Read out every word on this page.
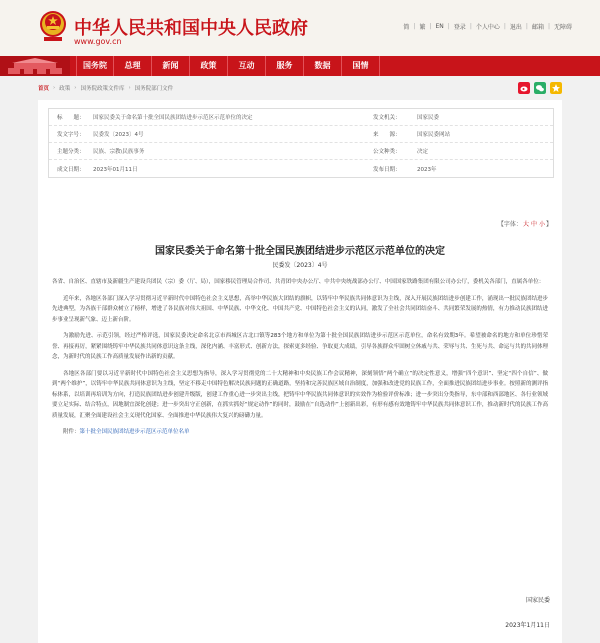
中华人民共和国中央人民政府
www.gov.cn
简 | 繁 | EN | 登录 | 个人中心 | 退出 | 邮箱 | 无障碍
国务院	总理	新闻	政策	互动	服务	数据	国情
首页 › 政策 › 国务院政策文件库 › 国务院部门文件
标　　题：	国家民委关于命名第十批全国民族团结进步示范区示范单位的决定	发文机关：	国家民委
发文字号：	民委发〔2023〕4号	来　　源：	国家民委网站
主题分类：	民族、宗教\民族事务	公文种类：	决定
成文日期：	2023年01月11日	发布日期：	2023年
【字体：大 中 小】
国家民委关于命名第十批全国民族团结进步示范区示范单位的决定
民委发〔2023〕4号

各省、自治区、直辖市及新疆生产建设兵团民（宗）委（厅、局），国家移民管理局合作司、共青团中央办公厅、中共中央统战部办公厅、中国国家铁路集团有限公司办公厅，委机关各部门，直属各单位：

近年来，各地区各部门深入学习贯彻习近平新时代中国特色社会主义思想，高举中华民族大团结的旗帜，以铸牢中华民族共同体意识为主线，深入开展民族团结进步创建工作，涌现出一批民族团结进步先进典型，为各族干部群众树立了榜样，增进了各民族对伟大祖国、中华民族、中华文化、中国共产党、中国特色社会主义的认同，激发了全社会共同团结奋斗、共同繁荣发展的热情，有力推动民族团结进步事业呈现新气象、迈上新台阶。

为激励先进、示范引领，经过严格评选，国家民委决定命名北京市西城区古北口镇等283个地方和单位为第十批全国民族团结进步示范区示范单位，命名有效期3年。希望被命名的地方和单位珍惜荣誉、再接再厉，紧紧围绕铸牢中华民族共同体意识这条主线，深化内涵、丰富形式、创新方法，探索更多经验、争取更大成绩，引导各族群众牢固树立休戚与共、荣辱与共、生死与共、命运与共的共同体理念，为新时代的民族工作高质量发展作出新的贡献。

各地区各部门要以习近平新时代中国特色社会主义思想为指导，深入学习贯彻党的二十大精神和中央民族工作会议精神，深刻领悟“两个确立”的决定性意义，增强“四个意识”、坚定“四个自信”、做到“两个维护”，以铸牢中华民族共同体意识为主线，坚定不移走中国特色解决民族问题的正确道路，坚持和完善民族区域自治制度，加强和改进党的民族工作，全面推进民族团结进步事业。按照新的测评指标体系，以培训再培训为方向，打造民族团结进步创建升级版，创建工作重心进一步突出主线，把铸牢中华民族共同体意识的实效作为检验评价标准；进一步突出分类指导，东中部和西部地区、各行业领域要立足实际、结合特点，因地制宜深化创建；进一步突出守正创新，在抓实抓好“规定动作”的同时，鼓励在“自选动作”上创新出彩，有形有感有效地铸牢中华民族共同体意识工作，推动新时代的民族工作高质量发展，汇聚全面建设社会主义现代化国家、全面推进中华民族伟大复兴的磅礴力量。

附件：第十批全国民族团结进步示范区示范单位名单

国家民委
2023年1月11日
